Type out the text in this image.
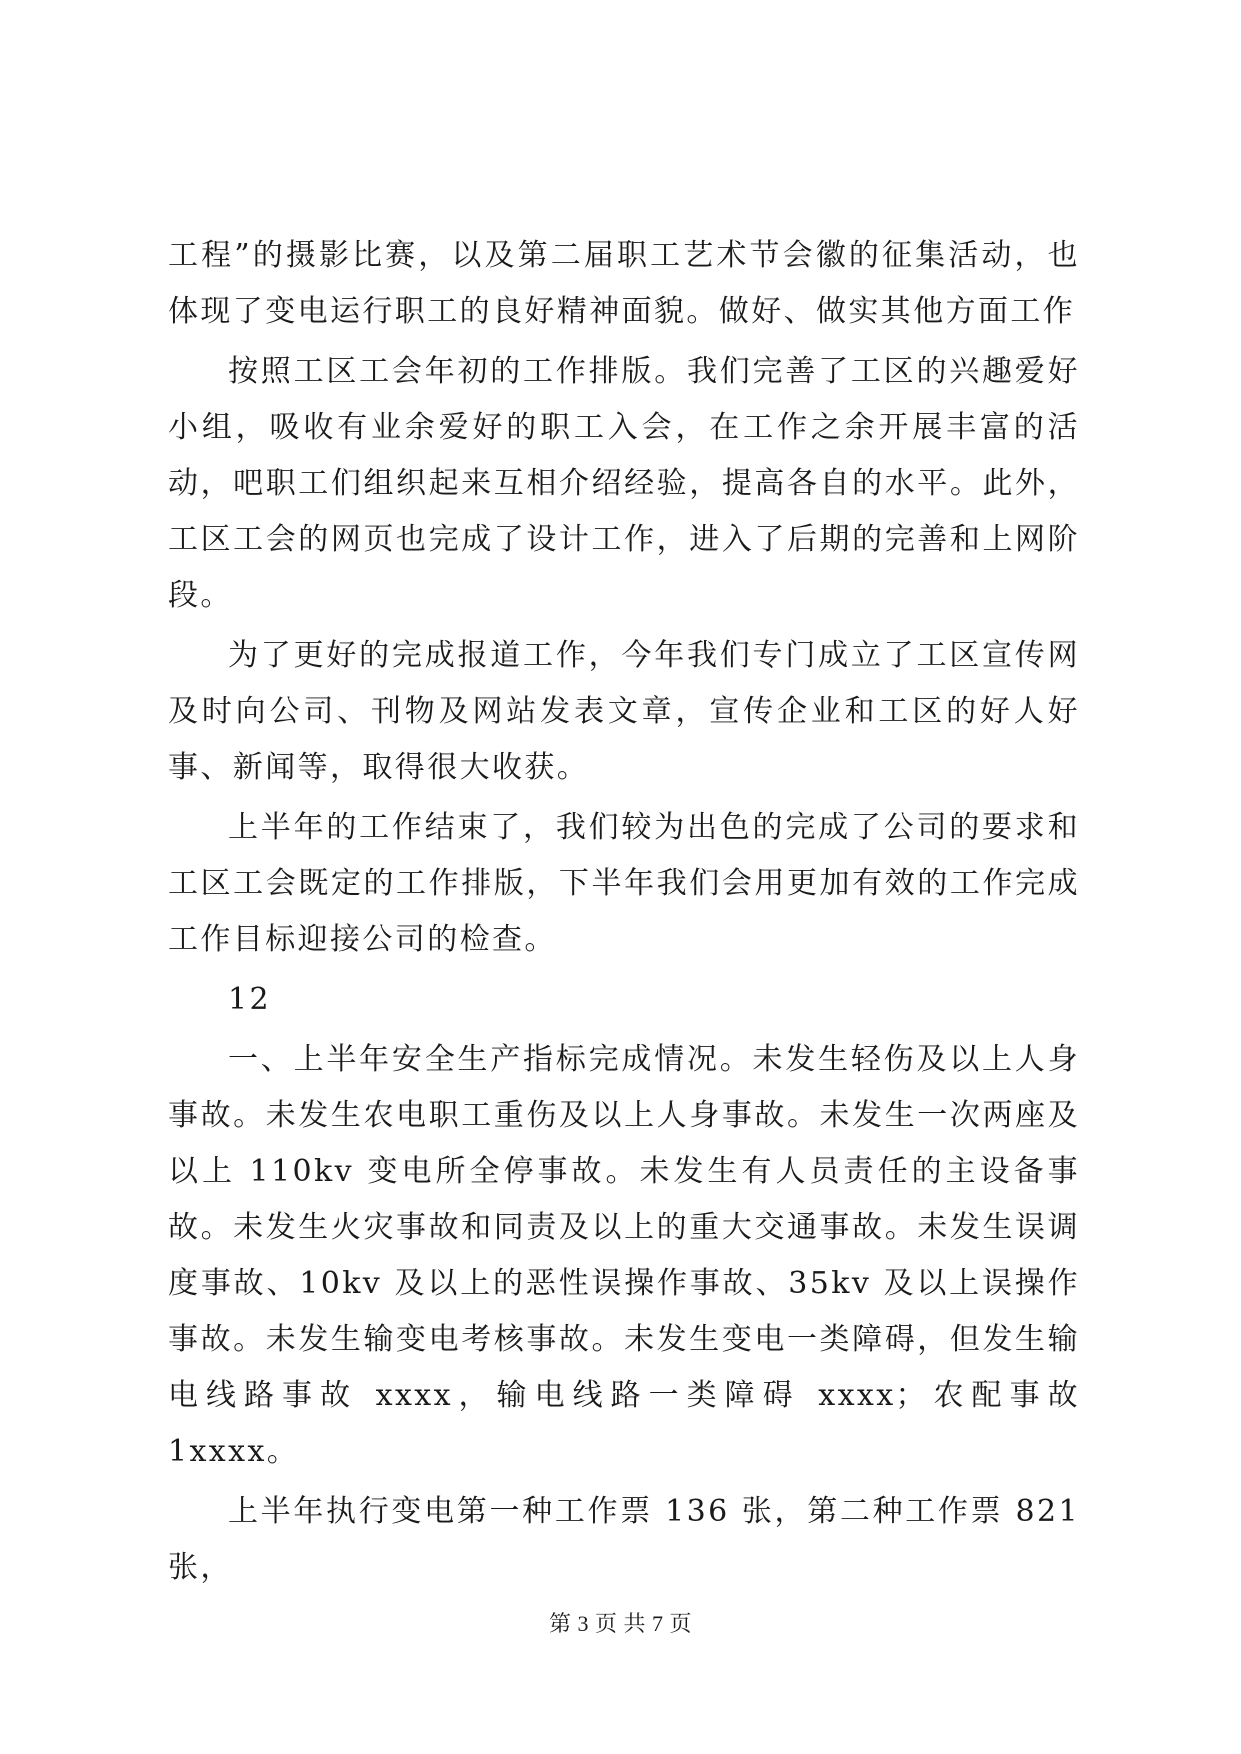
工程”的摄影比赛，以及第二届职工艺术节会徽的征集活动，也体现了变电运行职工的良好精神面貌。做好、做实其他方面工作

按照工区工会年初的工作排版。我们完善了工区的兴趣爱好小组，吸收有业余爱好的职工入会，在工作之余开展丰富的活动，吧职工们组织起来互相介绍经验，提高各自的水平。此外，工区工会的网页也完成了设计工作，进入了后期的完善和上网阶段。

为了更好的完成报道工作，今年我们专门成立了工区宣传网及时向公司、刊物及网站发表文章，宣传企业和工区的好人好事、新闻等，取得很大收获。

上半年的工作结束了，我们较为出色的完成了公司的要求和工区工会既定的工作排版，下半年我们会用更加有效的工作完成工作目标迎接公司的检查。

12

一、上半年安全生产指标完成情况。未发生轻伤及以上人身事故。未发生农电职工重伤及以上人身事故。未发生一次两座及以上 110kv 变电所全停事故。未发生有人员责任的主设备事故。未发生火灾事故和同责及以上的重大交通事故。未发生误调度事故、10kv 及以上的恶性误操作事故、35kv 及以上误操作事故。未发生输变电考核事故。未发生变电一类障碍，但发生输电线路事故 xxxx，输电线路一类障碍 xxxx；农配事故 1xxxx。

上半年执行变电第一种工作票 136 张，第二种工作票 821 张，

第 3 页 共 7 页
